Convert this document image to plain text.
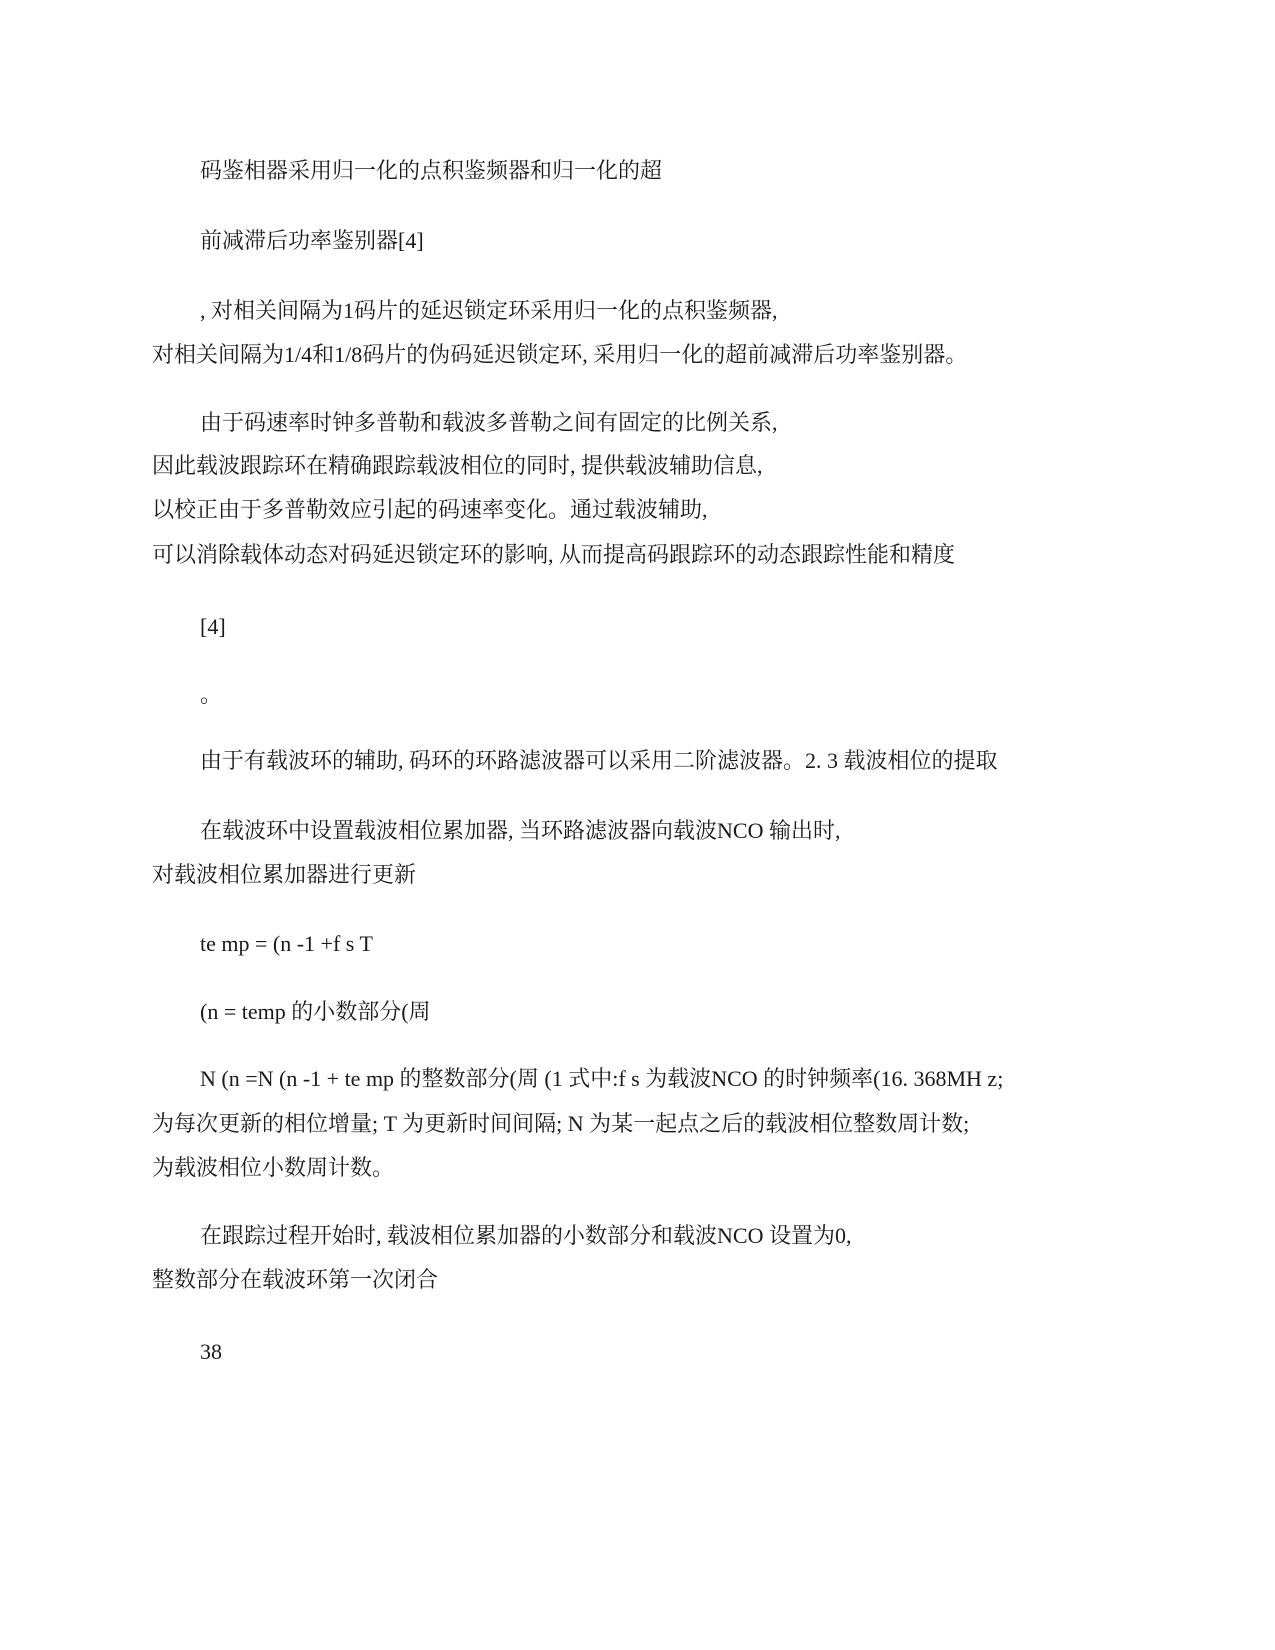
码鉴相器采用归一化的点积鉴频器和归一化的超

前减滞后功率鉴别器[4]

, 对相关间隔为1码片的延迟锁定环采用归一化的点积鉴频器,

对相关间隔为1/4和1/8码片的伪码延迟锁定环, 采用归一化的超前减滞后功率鉴别器。

由于码速率时钟多普勒和载波多普勒之间有固定的比例关系,

因此载波跟踪环在精确跟踪载波相位的同时, 提供载波辅助信息,

以校正由于多普勒效应引起的码速率变化。通过载波辅助,

可以消除载体动态对码延迟锁定环的影响, 从而提高码跟踪环的动态跟踪性能和精度

[4]

。

由于有载波环的辅助, 码环的环路滤波器可以采用二阶滤波器。2. 3 载波相位的提取

在载波环中设置载波相位累加器, 当环路滤波器向载波NCO 输出时,

对载波相位累加器进行更新

te mp = (n -1 +f s T

(n = temp 的小数部分(周

N (n =N (n -1 + te mp 的整数部分(周 (1 式中:f s 为载波NCO 的时钟频率(16. 368MH z;

为每次更新的相位增量; T 为更新时间间隔; N 为某一起点之后的载波相位整数周计数;

为载波相位小数周计数。

在跟踪过程开始时, 载波相位累加器的小数部分和载波NCO 设置为0,

整数部分在载波环第一次闭合

38
